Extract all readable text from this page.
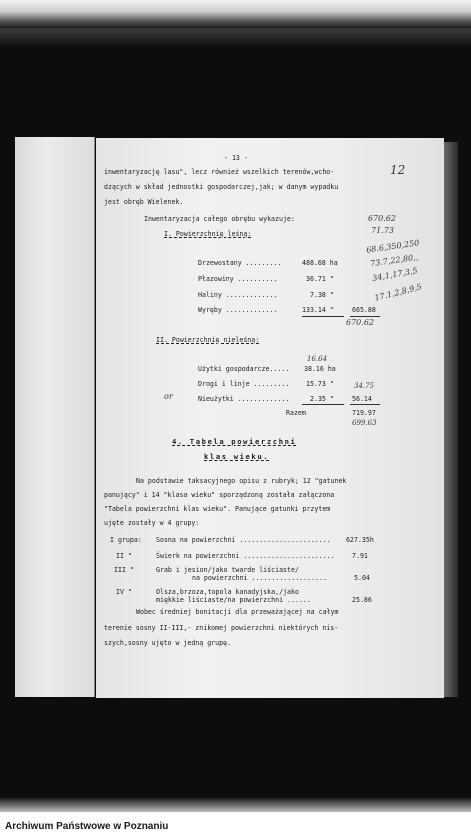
- 13 -
12
inwentaryzację lasu", lecz również wszelkich terenów,wcho-
dzących w skład jednostki gospodarczej,jak; w danym wypadku
jest obręb Wielenek.
Inwentaryzacja całego obrębu wykazuje:
I. Powierzchnię leśną:
Drzewostany .........	488.68 ha
Płazowiny ..........	36.71 "
Haliny .............	7.38 "
Wyręby .............	133.14 "	665.88
670.62
670.62
71.73
68.6,350,250
73.7,22,80,,
34,1,17,3,5
17.1,2,8,9,5
II. Powierzchnię nieleśną:
16.64
Użytki gospodarcze..... 38.16 ha
Drogi i linje .........	15.73 "	34.75
or	Nieużytki .............	2.35 "	56.14
Razem	719.97
699.63
4. Tabela powierzchni
klas wieku.
Na podstawie taksacyjnego opisu z rubryk; 12 "gatunek
panujący" i 14 "klasa wieku" sporządzoną została załączona
"Tabela powierzchni klas wieku". Panujące gatunki przytem
ujęte zostały w 4 grupy:
I grupa: Sosna na powierzchni ....................... 627.35h
II "	Świerk na powierzchni .......................	7.91
III "	Grab i jesion/jako twarde liściaste/
na powierzchni ...................	5.04
IV "	Olsza,brzoza,topola kanadyjska,/jako
miękkie liściaste/na powierzchni ......	25.86
Wobec średniej bonitacji dla przeważającej na całym
terenie sosny II-III,- znikomej powierzchni niektórych nis-
szych,sosny ujęto w jedną grupę.
Archiwum Państwowe w Poznaniu
